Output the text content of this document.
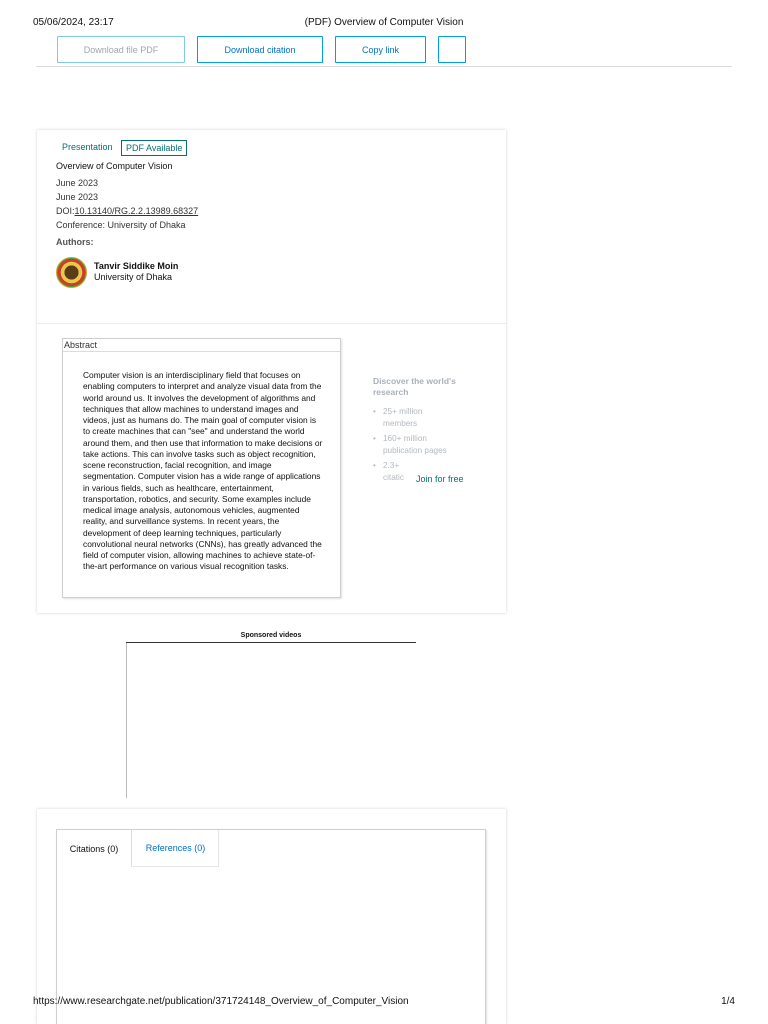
05/06/2024, 23:17	(PDF) Overview of Computer Vision
Download file PDF	Download citation	Copy link
Presentation	PDF Available
Overview of Computer Vision
June 2023
June 2023
DOI:10.13140/RG.2.2.13989.68327
Conference: University of Dhaka
Authors:
Tanvir Siddike Moin
University of Dhaka
Abstract
Computer vision is an interdisciplinary field that focuses on enabling computers to interpret and analyze visual data from the world around us. It involves the development of algorithms and techniques that allow machines to understand images and videos, just as humans do. The main goal of computer vision is to create machines that can "see" and understand the world around them, and then use that information to make decisions or take actions. This can involve tasks such as object recognition, scene reconstruction, facial recognition, and image segmentation. Computer vision has a wide range of applications in various fields, such as healthcare, entertainment, transportation, robotics, and security. Some examples include medical image analysis, autonomous vehicles, augmented reality, and surveillance systems. In recent years, the development of deep learning techniques, particularly convolutional neural networks (CNNs), has greatly advanced the field of computer vision, allowing machines to achieve state-of-the-art performance on various visual recognition tasks.
Discover the world's research
• 25+ million members
• 160+ million publication pages
• 2.3+ citatic Join for free
Sponsored videos
Citations (0)	References (0)
https://www.researchgate.net/publication/371724148_Overview_of_Computer_Vision	1/4
